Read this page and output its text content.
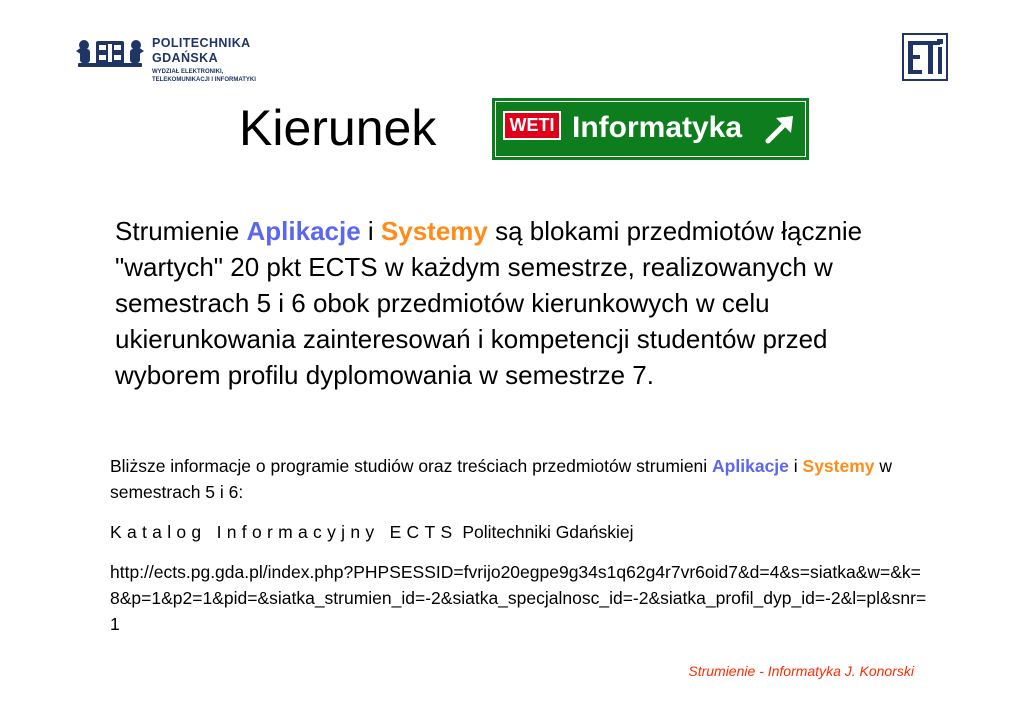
POLITECHNIKA
GDAŃSKA
WYDZIAŁ ELEKTRONIKI,
TELEKOMUNIKACJI I INFORMATYKI
Kierunek	WETI Informatyka
Strumienie Aplikacje i Systemy są blokami przedmiotów łącznie "wartych" 20 pkt ECTS w każdym semestrze, realizowanych w semestrach 5 i 6 obok przedmiotów kierunkowych w celu ukierunkowania zainteresowań i kompetencji studentów przed wyborem profilu dyplomowania w semestrze 7.
Bliższe informacje o programie studiów oraz treściach przedmiotów strumieni Aplikacje i Systemy w semestrach 5 i 6:
Katalog Informacyjny ECTS Politechniki Gdańskiej
http://ects.pg.gda.pl/index.php?PHPSESSID=fvrijo20egpe9g34s1q62g4r7vr6oid7&d=4&s=siatka&w=&k=8&p=1&p2=1&pid=&siatka_strumien_id=-2&siatka_specjalnosc_id=-2&siatka_profil_dyp_id=-2&l=pl&snr=1
Strumienie - Informatyka J. Konorski
